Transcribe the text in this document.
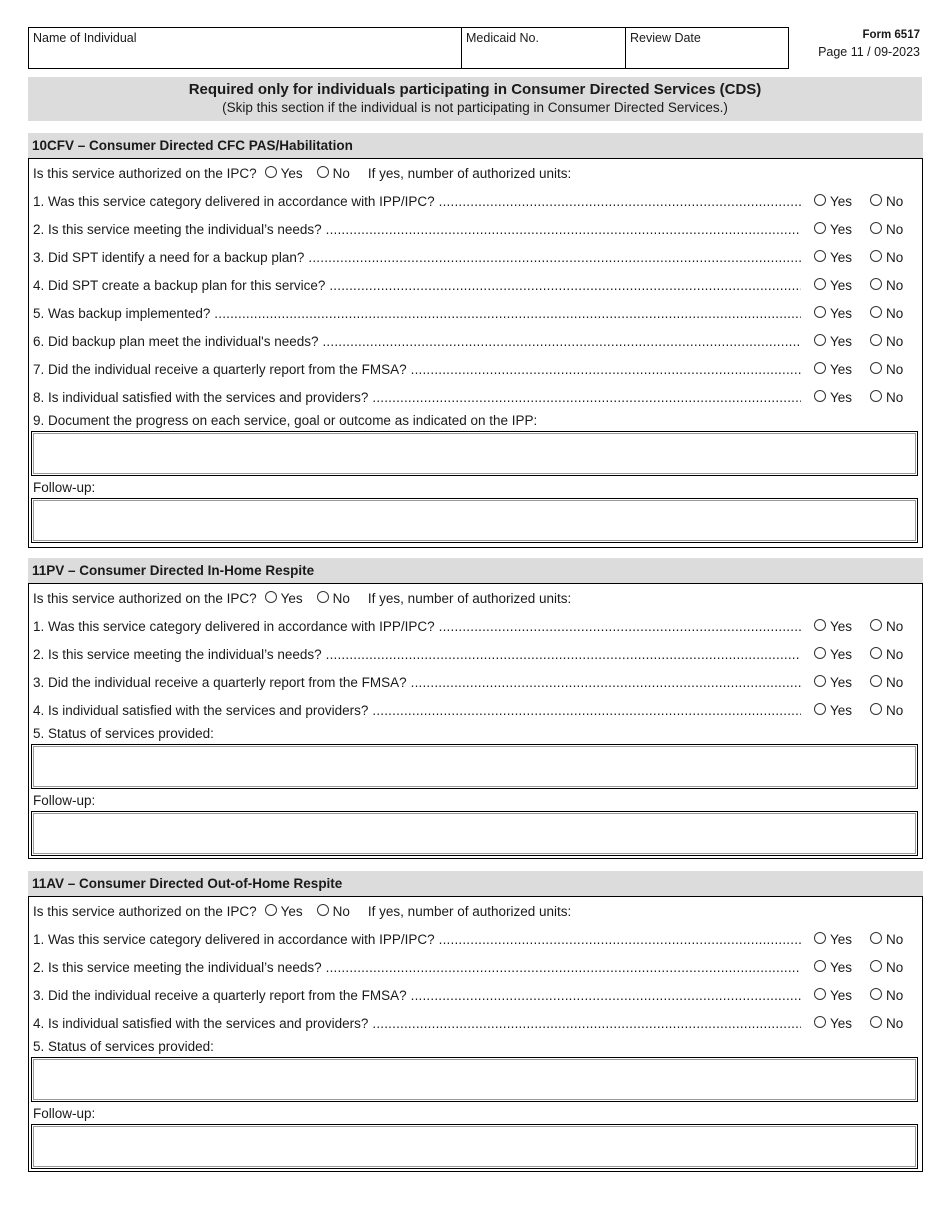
Name of Individual	Medicaid No.	Review Date	Form 6517
Page 11 / 09-2023
Required only for individuals participating in Consumer Directed Services (CDS)
(Skip this section if the individual is not participating in Consumer Directed Services.)
10CFV – Consumer Directed CFC PAS/Habilitation
Is this service authorized on the IPC? Yes No If yes, number of authorized units:
1. Was this service category delivered in accordance with IPP/IPC? .....	Yes	No
2. Is this service meeting the individual’s needs? .....	Yes	No
3. Did SPT identify a need for a backup plan? .....	Yes	No
4. Did SPT create a backup plan for this service? .....	Yes	No
5. Was backup implemented? .....	Yes	No
6. Did backup plan meet the individual's needs? .....	Yes	No
7. Did the individual receive a quarterly report from the FMSA? .....	Yes	No
8. Is individual satisfied with the services and providers? .....	Yes	No
9. Document the progress on each service, goal or outcome as indicated on the IPP:
Follow-up:
11PV – Consumer Directed In-Home Respite
Is this service authorized on the IPC? Yes No If yes, number of authorized units:
1. Was this service category delivered in accordance with IPP/IPC? .....	Yes	No
2. Is this service meeting the individual’s needs? .....	Yes	No
3. Did the individual receive a quarterly report from the FMSA? .....	Yes	No
4. Is individual satisfied with the services and providers? .....	Yes	No
5. Status of services provided:
Follow-up:
11AV – Consumer Directed Out-of-Home Respite
Is this service authorized on the IPC? Yes No If yes, number of authorized units:
1. Was this service category delivered in accordance with IPP/IPC? .....	Yes	No
2. Is this service meeting the individual’s needs? .....	Yes	No
3. Did the individual receive a quarterly report from the FMSA? .....	Yes	No
4. Is individual satisfied with the services and providers? .....	Yes	No
5. Status of services provided:
Follow-up:
